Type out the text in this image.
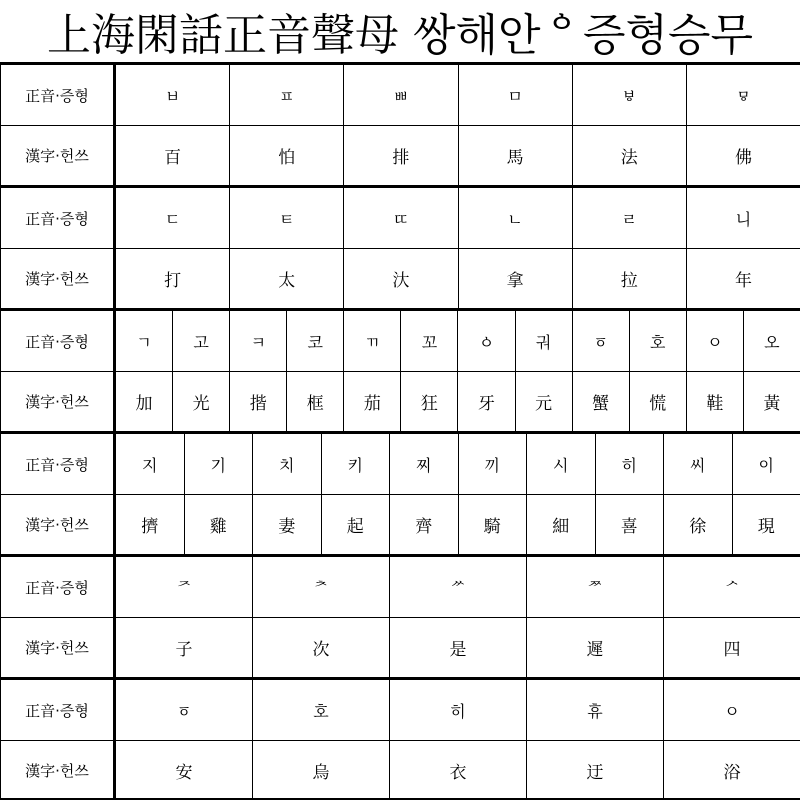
上海閑話正音聲母 쌍해안ᅌ증형승무
正音·증형	ㅂ	ㅍ	ㅃ	ㅁ	ㅸ	ㅱ
漢字·헌쓰	百	怕	排	馬	法	佛
正音·증형	ㄷ	ㅌ	ㄸ	ㄴ	ㄹ	니
漢字·헌쓰	打	太	汏	拿	拉	年
正音·증형	ㄱ	고	ㅋ	코	ㄲ	꼬	ㆁ	궈	ㆆ	호	ㅇ	오
漢字·헌쓰	加	光	揩	框	茄	狂	牙	元	蟹	慌	鞋	黃
正音·증형	지	기	치	키	찌	끼	시	히	씨	이
漢字·헌쓰	擠	雞	妻	起	齊	騎	細	喜	徐	現
正音·증형	ᅎ	ᅔ	ᄽ	ᅏ	ᄼ
漢字·헌쓰	子	次	是	遲	四
正音·증형	ㆆ	호	히	휴	ㅇ
漢字·헌쓰	安	烏	衣	迂	浴
